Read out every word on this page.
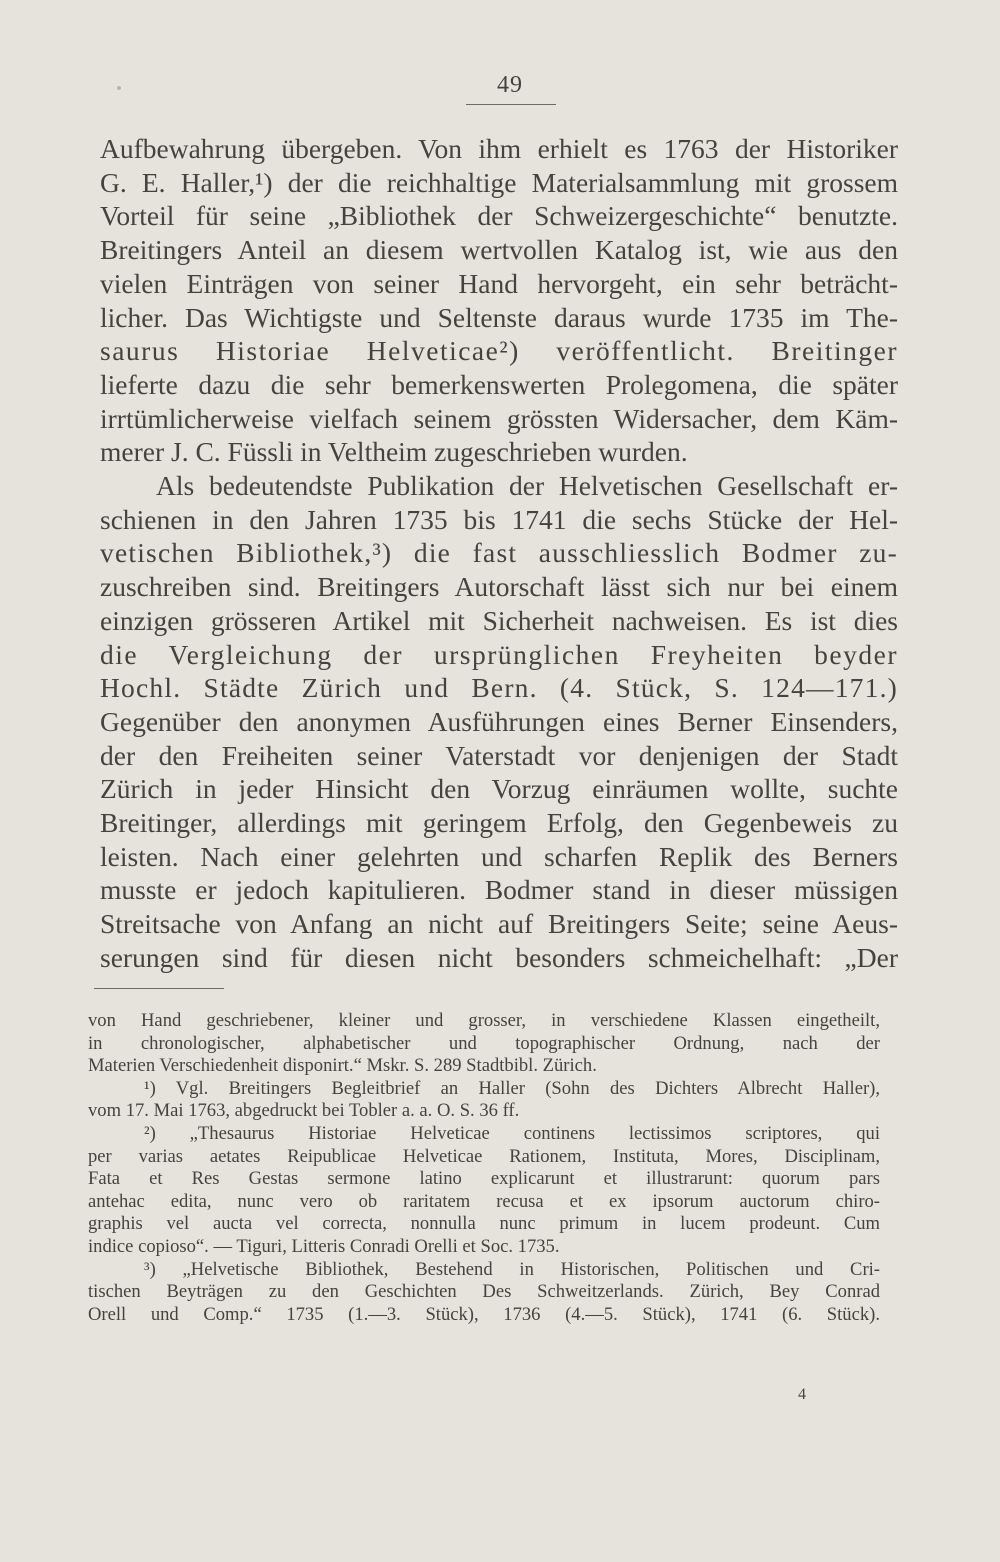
49
Aufbewahrung übergeben. Von ihm erhielt es 1763 der Historiker
G. E. Haller,¹) der die reichhaltige Materialsammlung mit grossem
Vorteil für seine „Bibliothek der Schweizergeschichte“ benutzte.
Breitingers Anteil an diesem wertvollen Katalog ist, wie aus den
vielen Einträgen von seiner Hand hervorgeht, ein sehr beträcht-
licher. Das Wichtigste und Seltenste daraus wurde 1735 im The-
saurus Historiae Helveticae²) veröffentlicht. Breitinger
lieferte dazu die sehr bemerkenswerten Prolegomena, die später
irrtümlicherweise vielfach seinem grössten Widersacher, dem Käm-
merer J. C. Füssli in Veltheim zugeschrieben wurden.
Als bedeutendste Publikation der Helvetischen Gesellschaft er-
schienen in den Jahren 1735 bis 1741 die sechs Stücke der Hel-
vetischen Bibliothek,³) die fast ausschliesslich Bodmer zu-
zuschreiben sind. Breitingers Autorschaft lässt sich nur bei einem
einzigen grösseren Artikel mit Sicherheit nachweisen. Es ist dies
die Vergleichung der ursprünglichen Freyheiten beyder
Hochl. Städte Zürich und Bern. (4. Stück, S. 124—171.)
Gegenüber den anonymen Ausführungen eines Berner Einsenders,
der den Freiheiten seiner Vaterstadt vor denjenigen der Stadt
Zürich in jeder Hinsicht den Vorzug einräumen wollte, suchte
Breitinger, allerdings mit geringem Erfolg, den Gegenbeweis zu
leisten. Nach einer gelehrten und scharfen Replik des Berners
musste er jedoch kapitulieren. Bodmer stand in dieser müssigen
Streitsache von Anfang an nicht auf Breitingers Seite; seine Aeus-
serungen sind für diesen nicht besonders schmeichelhaft: „Der
von Hand geschriebener, kleiner und grosser, in verschiedene Klassen eingetheilt,
in chronologischer, alphabetischer und topographischer Ordnung, nach der
Materien Verschiedenheit disponirt.“ Mskr. S. 289 Stadtbibl. Zürich.
¹) Vgl. Breitingers Begleitbrief an Haller (Sohn des Dichters Albrecht Haller),
vom 17. Mai 1763, abgedruckt bei Tobler a. a. O. S. 36 ff.
²) „Thesaurus Historiae Helveticae continens lectissimos scriptores, qui
per varias aetates Reipublicae Helveticae Rationem, Instituta, Mores, Disciplinam,
Fata et Res Gestas sermone latino explicarunt et illustrarunt: quorum pars
antehac edita, nunc vero ob raritatem recusa et ex ipsorum auctorum chiro-
graphis vel aucta vel correcta, nonnulla nunc primum in lucem prodeunt. Cum
indice copioso“. — Tiguri, Litteris Conradi Orelli et Soc. 1735.
³) „Helvetische Bibliothek, Bestehend in Historischen, Politischen und Cri-
tischen Beyträgen zu den Geschichten Des Schweitzerlands. Zürich, Bey Conrad
Orell und Comp.“ 1735 (1.—3. Stück), 1736 (4.—5. Stück), 1741 (6. Stück).
4
